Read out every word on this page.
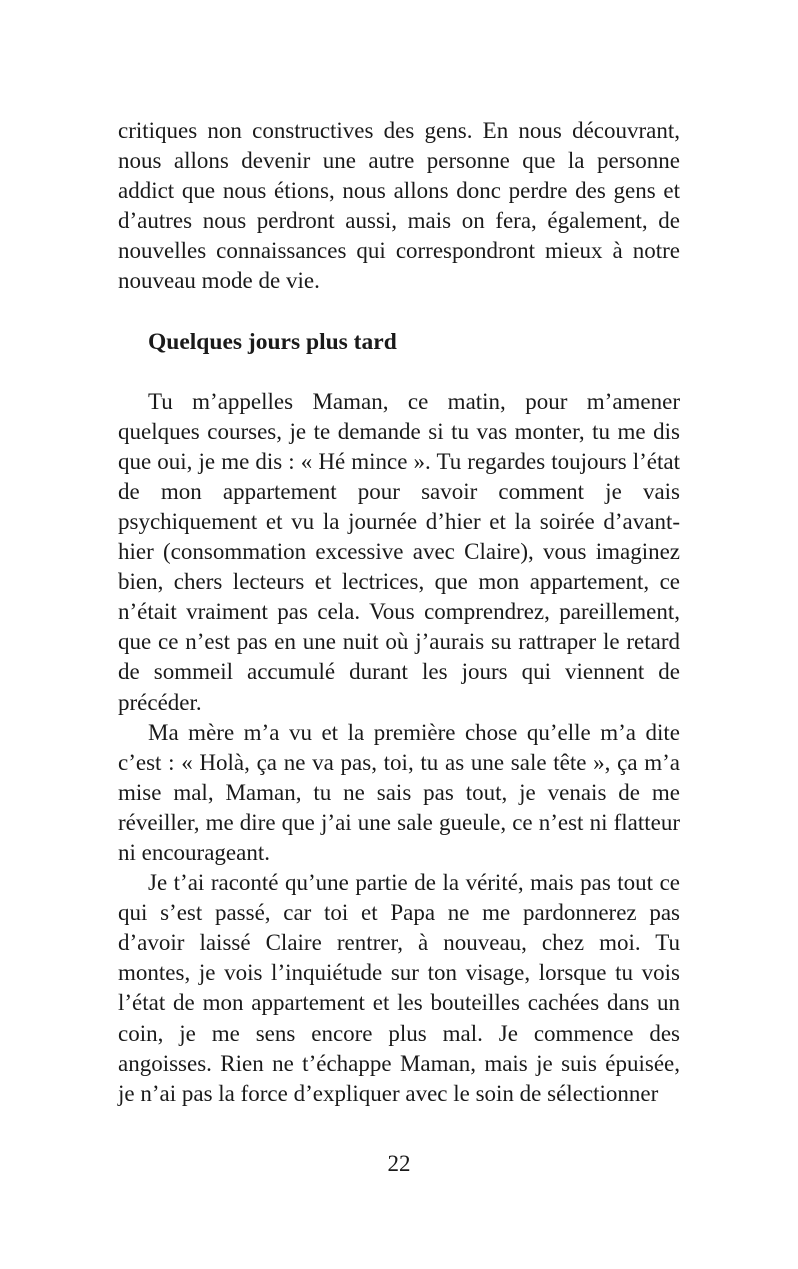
critiques non constructives des gens. En nous découvrant, nous allons devenir une autre personne que la personne addict que nous étions, nous allons donc perdre des gens et d’autres nous perdront aussi, mais on fera, également, de nouvelles connaissances qui correspondront mieux à notre nouveau mode de vie.

Quelques jours plus tard

Tu m’appelles Maman, ce matin, pour m’amener quelques courses, je te demande si tu vas monter, tu me dis que oui, je me dis : « Hé mince ». Tu regardes toujours l’état de mon appartement pour savoir comment je vais psychiquement et vu la journée d’hier et la soirée d’avant-hier (consommation excessive avec Claire), vous imaginez bien, chers lecteurs et lectrices, que mon appartement, ce n’était vraiment pas cela. Vous comprendrez, pareillement, que ce n’est pas en une nuit où j’aurais su rattraper le retard de sommeil accumulé durant les jours qui viennent de précéder.

Ma mère m’a vu et la première chose qu’elle m’a dite c’est : « Holà, ça ne va pas, toi, tu as une sale tête », ça m’a mise mal, Maman, tu ne sais pas tout, je venais de me réveiller, me dire que j’ai une sale gueule, ce n’est ni flatteur ni encourageant.

Je t’ai raconté qu’une partie de la vérité, mais pas tout ce qui s’est passé, car toi et Papa ne me pardonnerez pas d’avoir laissé Claire rentrer, à nouveau, chez moi. Tu montes, je vois l’inquiétude sur ton visage, lorsque tu vois l’état de mon appartement et les bouteilles cachées dans un coin, je me sens encore plus mal. Je commence des angoisses. Rien ne t’échappe Maman, mais je suis épuisée, je n’ai pas la force d’expliquer avec le soin de sélectionner

22
